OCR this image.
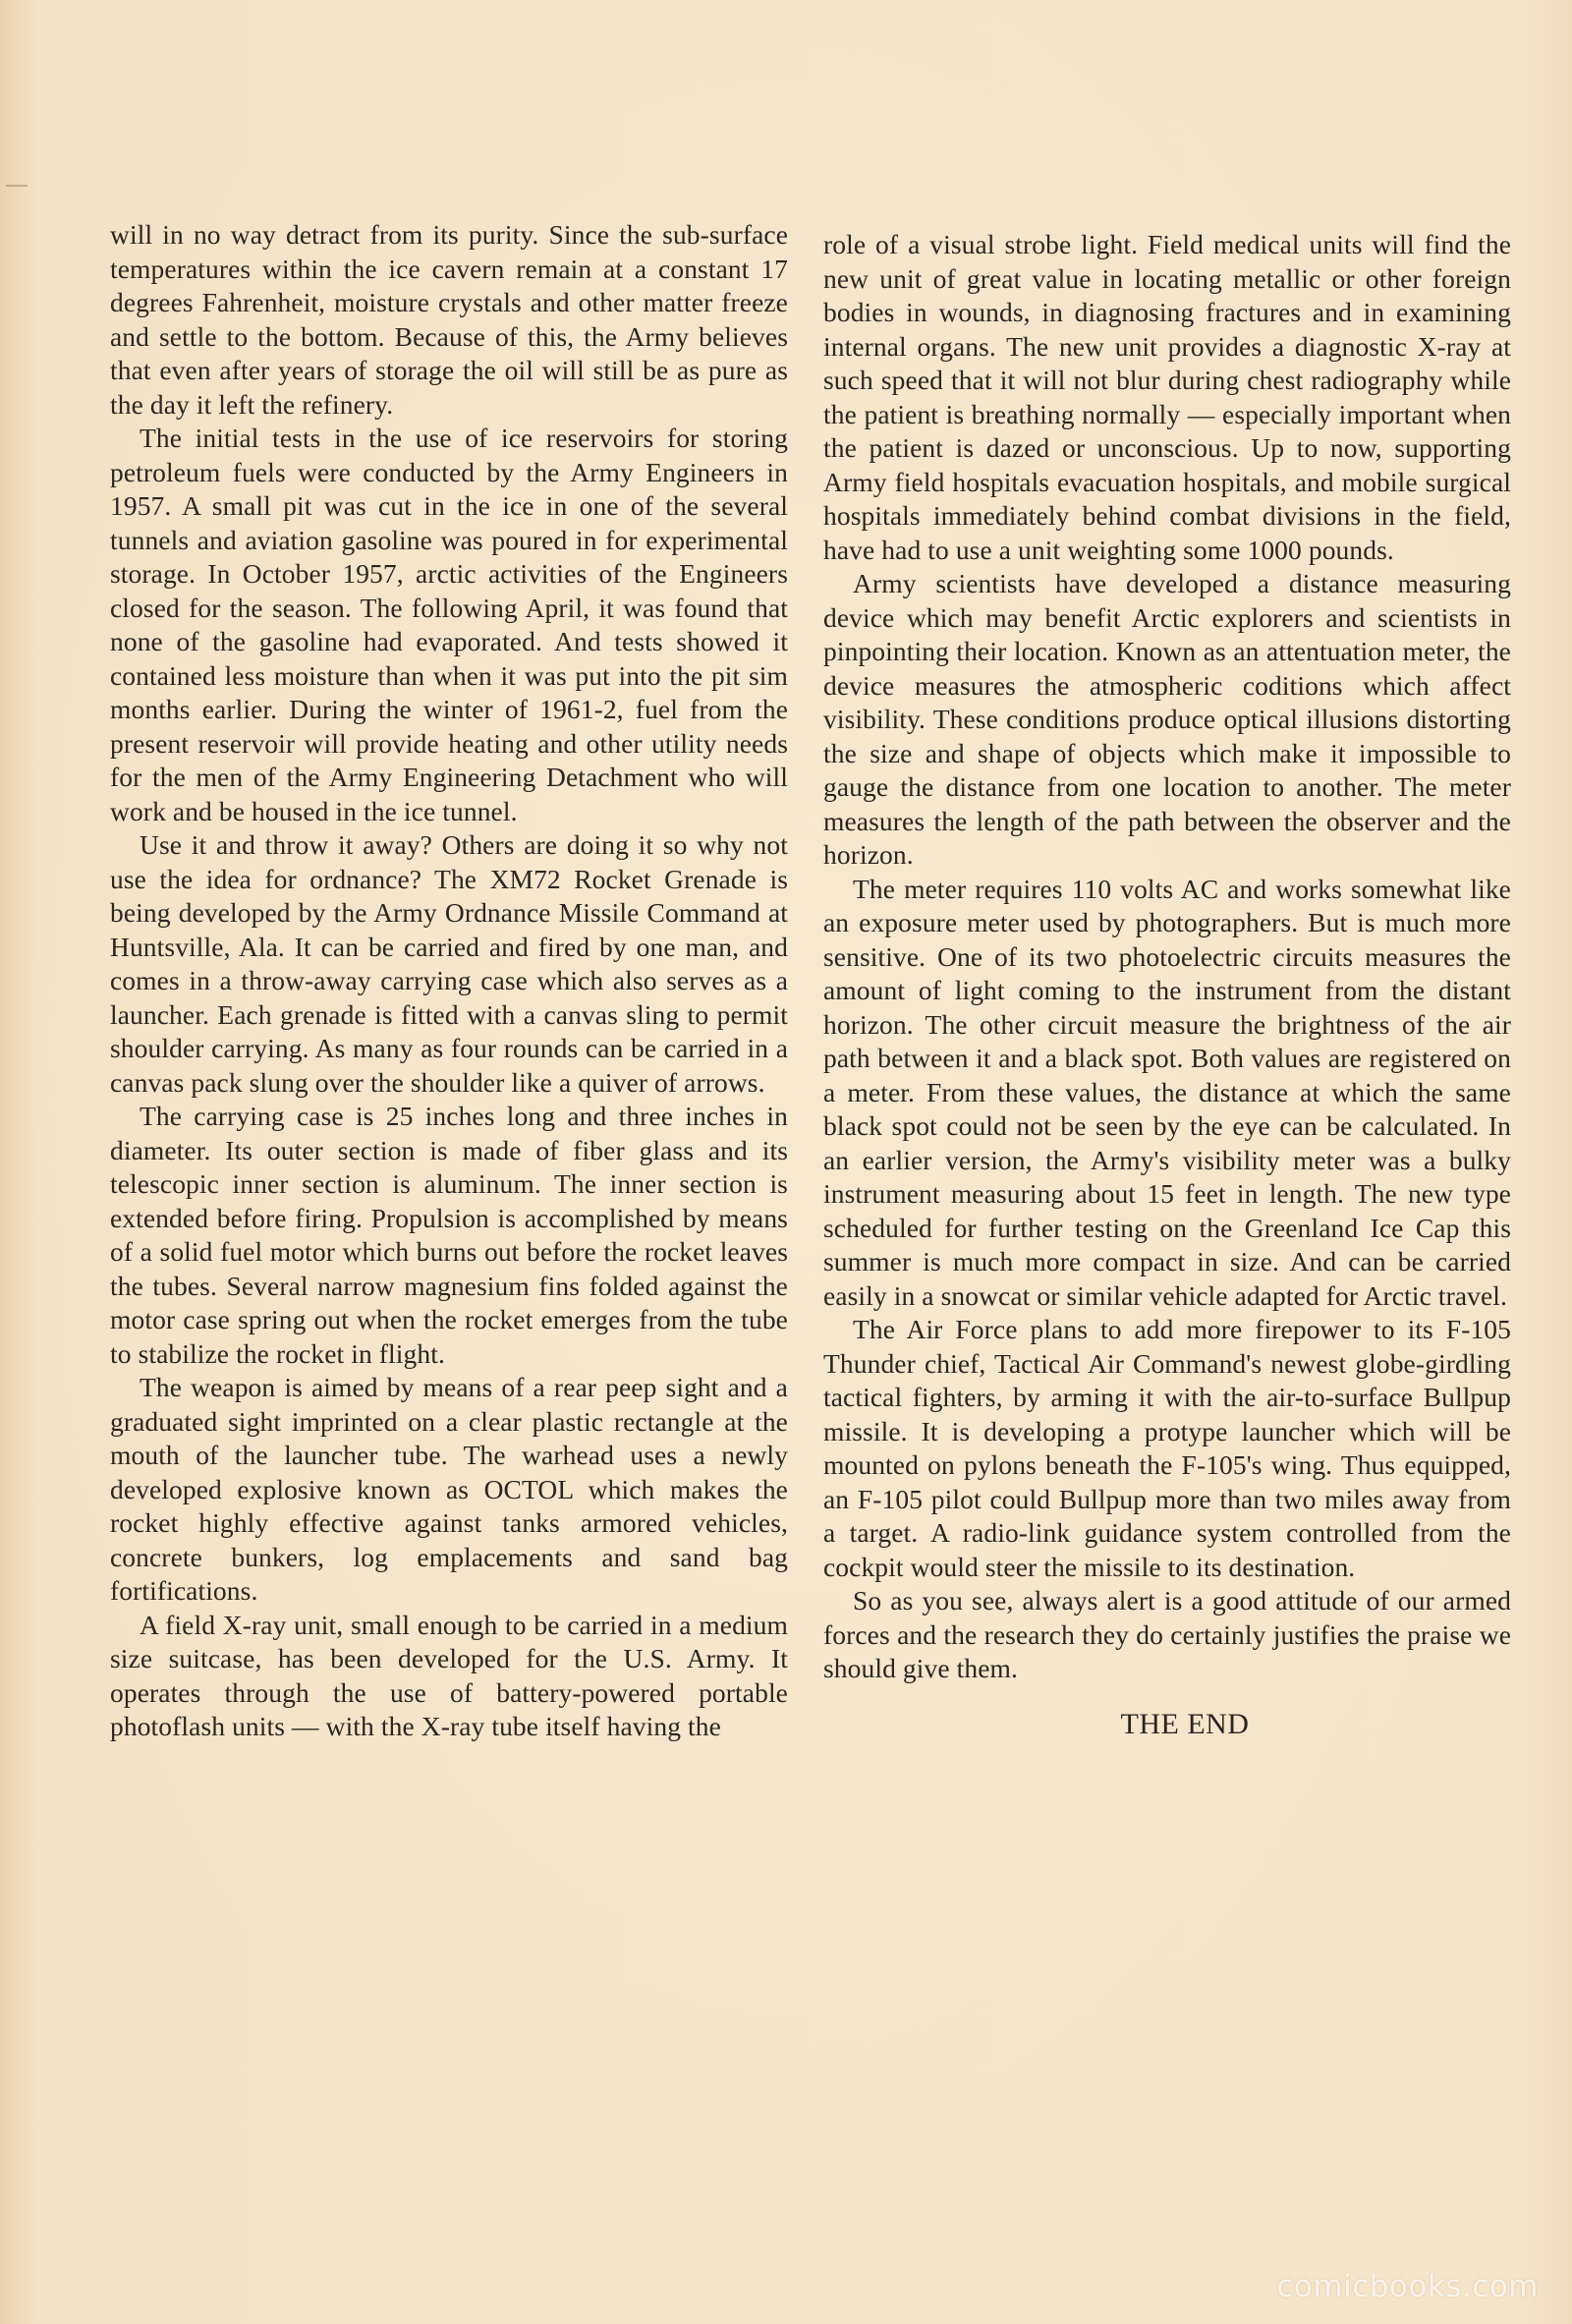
will in no way detract from its purity. Since the sub-surface temperatures within the ice cavern remain at a constant 17 degrees Fahrenheit, moisture crystals and other matter freeze and settle to the bottom. Because of this, the Army believes that even after years of storage the oil will still be as pure as the day it left the refinery.

The initial tests in the use of ice reservoirs for storing petroleum fuels were conducted by the Army Engineers in 1957. A small pit was cut in the ice in one of the several tunnels and aviation gasoline was poured in for experimental storage. In October 1957, arctic activities of the Engineers closed for the season. The following April, it was found that none of the gasoline had evaporated. And tests showed it contained less moisture than when it was put into the pit sim months earlier. During the winter of 1961-2, fuel from the present reservoir will provide heating and other utility needs for the men of the Army Engineering Detachment who will work and be housed in the ice tunnel.

Use it and throw it away? Others are doing it so why not use the idea for ordnance? The XM72 Rocket Grenade is being developed by the Army Ordnance Missile Command at Huntsville, Ala. It can be carried and fired by one man, and comes in a throw-away carrying case which also serves as a launcher. Each grenade is fitted with a canvas sling to permit shoulder carrying. As many as four rounds can be carried in a canvas pack slung over the shoulder like a quiver of arrows.

The carrying case is 25 inches long and three inches in diameter. Its outer section is made of fiber glass and its telescopic inner section is aluminum. The inner section is extended before firing. Propulsion is accomplished by means of a solid fuel motor which burns out before the rocket leaves the tubes. Several narrow magnesium fins folded against the motor case spring out when the rocket emerges from the tube to stabilize the rocket in flight.

The weapon is aimed by means of a rear peep sight and a graduated sight imprinted on a clear plastic rectangle at the mouth of the launcher tube. The warhead uses a newly developed explosive known as OCTOL which makes the rocket highly effective against tanks armored vehicles, concrete bunkers, log emplacements and sand bag fortifications.

A field X-ray unit, small enough to be carried in a medium size suitcase, has been developed for the U.S. Army. It operates through the use of battery-powered portable photoflash units — with the X-ray tube itself having the

role of a visual strobe light. Field medical units will find the new unit of great value in locating metallic or other foreign bodies in wounds, in diagnosing fractures and in examining internal organs. The new unit provides a diagnostic X-ray at such speed that it will not blur during chest radiography while the patient is breathing normally — especially important when the patient is dazed or unconscious. Up to now, supporting Army field hospitals evacuation hospitals, and mobile surgical hospitals immediately behind combat divisions in the field, have had to use a unit weighting some 1000 pounds.

Army scientists have developed a distance measuring device which may benefit Arctic explorers and scientists in pinpointing their location. Known as an attentuation meter, the device measures the atmospheric coditions which affect visibility. These conditions produce optical illusions distorting the size and shape of objects which make it impossible to gauge the distance from one location to another. The meter measures the length of the path between the observer and the horizon.

The meter requires 110 volts AC and works somewhat like an exposure meter used by photographers. But is much more sensitive. One of its two photoelectric circuits measures the amount of light coming to the instrument from the distant horizon. The other circuit measure the brightness of the air path between it and a black spot. Both values are registered on a meter. From these values, the distance at which the same black spot could not be seen by the eye can be calculated. In an earlier version, the Army's visibility meter was a bulky instrument measuring about 15 feet in length. The new type scheduled for further testing on the Greenland Ice Cap this summer is much more compact in size. And can be carried easily in a snowcat or similar vehicle adapted for Arctic travel.

The Air Force plans to add more firepower to its F-105 Thunder chief, Tactical Air Command's newest globe-girdling tactical fighters, by arming it with the air-to-surface Bullpup missile. It is developing a protype launcher which will be mounted on pylons beneath the F-105's wing. Thus equipped, an F-105 pilot could Bullpup more than two miles away from a target. A radio-link guidance system controlled from the cockpit would steer the missile to its destination.

So as you see, always alert is a good attitude of our armed forces and the research they do certainly justifies the praise we should give them.

THE END

comicbooks.com
